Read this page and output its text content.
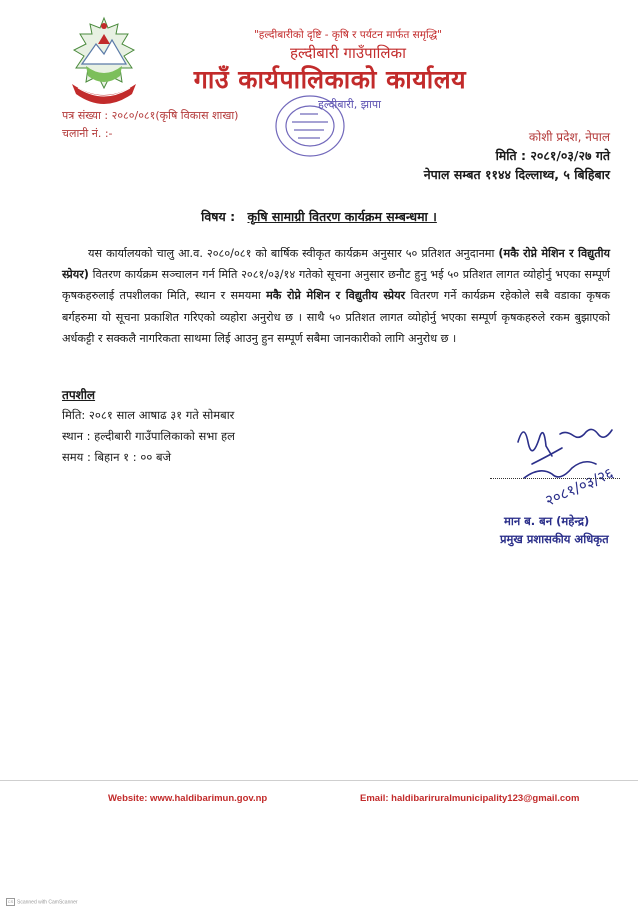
"हल्दीबारीको दृष्टि - कृषि र पर्यटन मार्फत समृद्धि"
हल्दीबारी गाउँपालिका
गाउँ कार्यपालिकाको कार्यालय
पत्र संख्या : २०८०/०८१(कृषि विकास शाखा)
चलानी नं. :-
हल्दीबारी, झापा
कोशी प्रदेश, नेपाल
मिति : २०८१/०३/२७ गते
नेपाल सम्बत ११४४ दिल्लाथ्व, ५ बिहिबार
विषय : कृषि सामाग्री वितरण कार्यक्रम सम्बन्धमा ।
यस कार्यालयको चालु आ.व. २०८०/०८१ को बार्षिक स्वीकृत कार्यक्रम अनुसार ५० प्रतिशत अनुदानमा (मकै रोप्ने मेशिन र विद्युतीय स्प्रेयर) वितरण कार्यक्रम सञ्चालन गर्न मिति २०८१/०३/१४ गतेको सूचना अनुसार छनौट हुनु भई ५० प्रतिशत लागत व्योहोर्नु भएका सम्पूर्ण कृषकहरुलाई तपशीलका मिति, स्थान र समयमा मकै रोप्ने मेशिन र विद्युतीय स्प्रेयर वितरण गर्ने कार्यक्रम रहेकोले सबै वडाका कृषक बर्गहरुमा यो सूचना प्रकाशित गरिएको व्यहोरा अनुरोध छ । साथै ५० प्रतिशत लागत व्योहोर्नु भएका सम्पूर्ण कृषकहरुले रकम बुझाएको अर्धकट्टी र सक्कलै नागरिकता साथमा लिई आउनु हुन सम्पूर्ण सबैमा जानकारीको लागि अनुरोध छ ।
तपशील
मिति: २०८१ साल आषाढ ३१ गते सोमबार
स्थान : हल्दीबारी गाउँपालिकाको सभा हल
समय : बिहान १ : ०० बजे
२०८१/०३/२६
मान ब. बन (महेन्द्र)
प्रमुख प्रशासकीय अधिकृत
Website: www.haldibarimun.gov.np	Email: haldibariruralmunicipality123@gmail.com
CS Scanned with CamScanner
